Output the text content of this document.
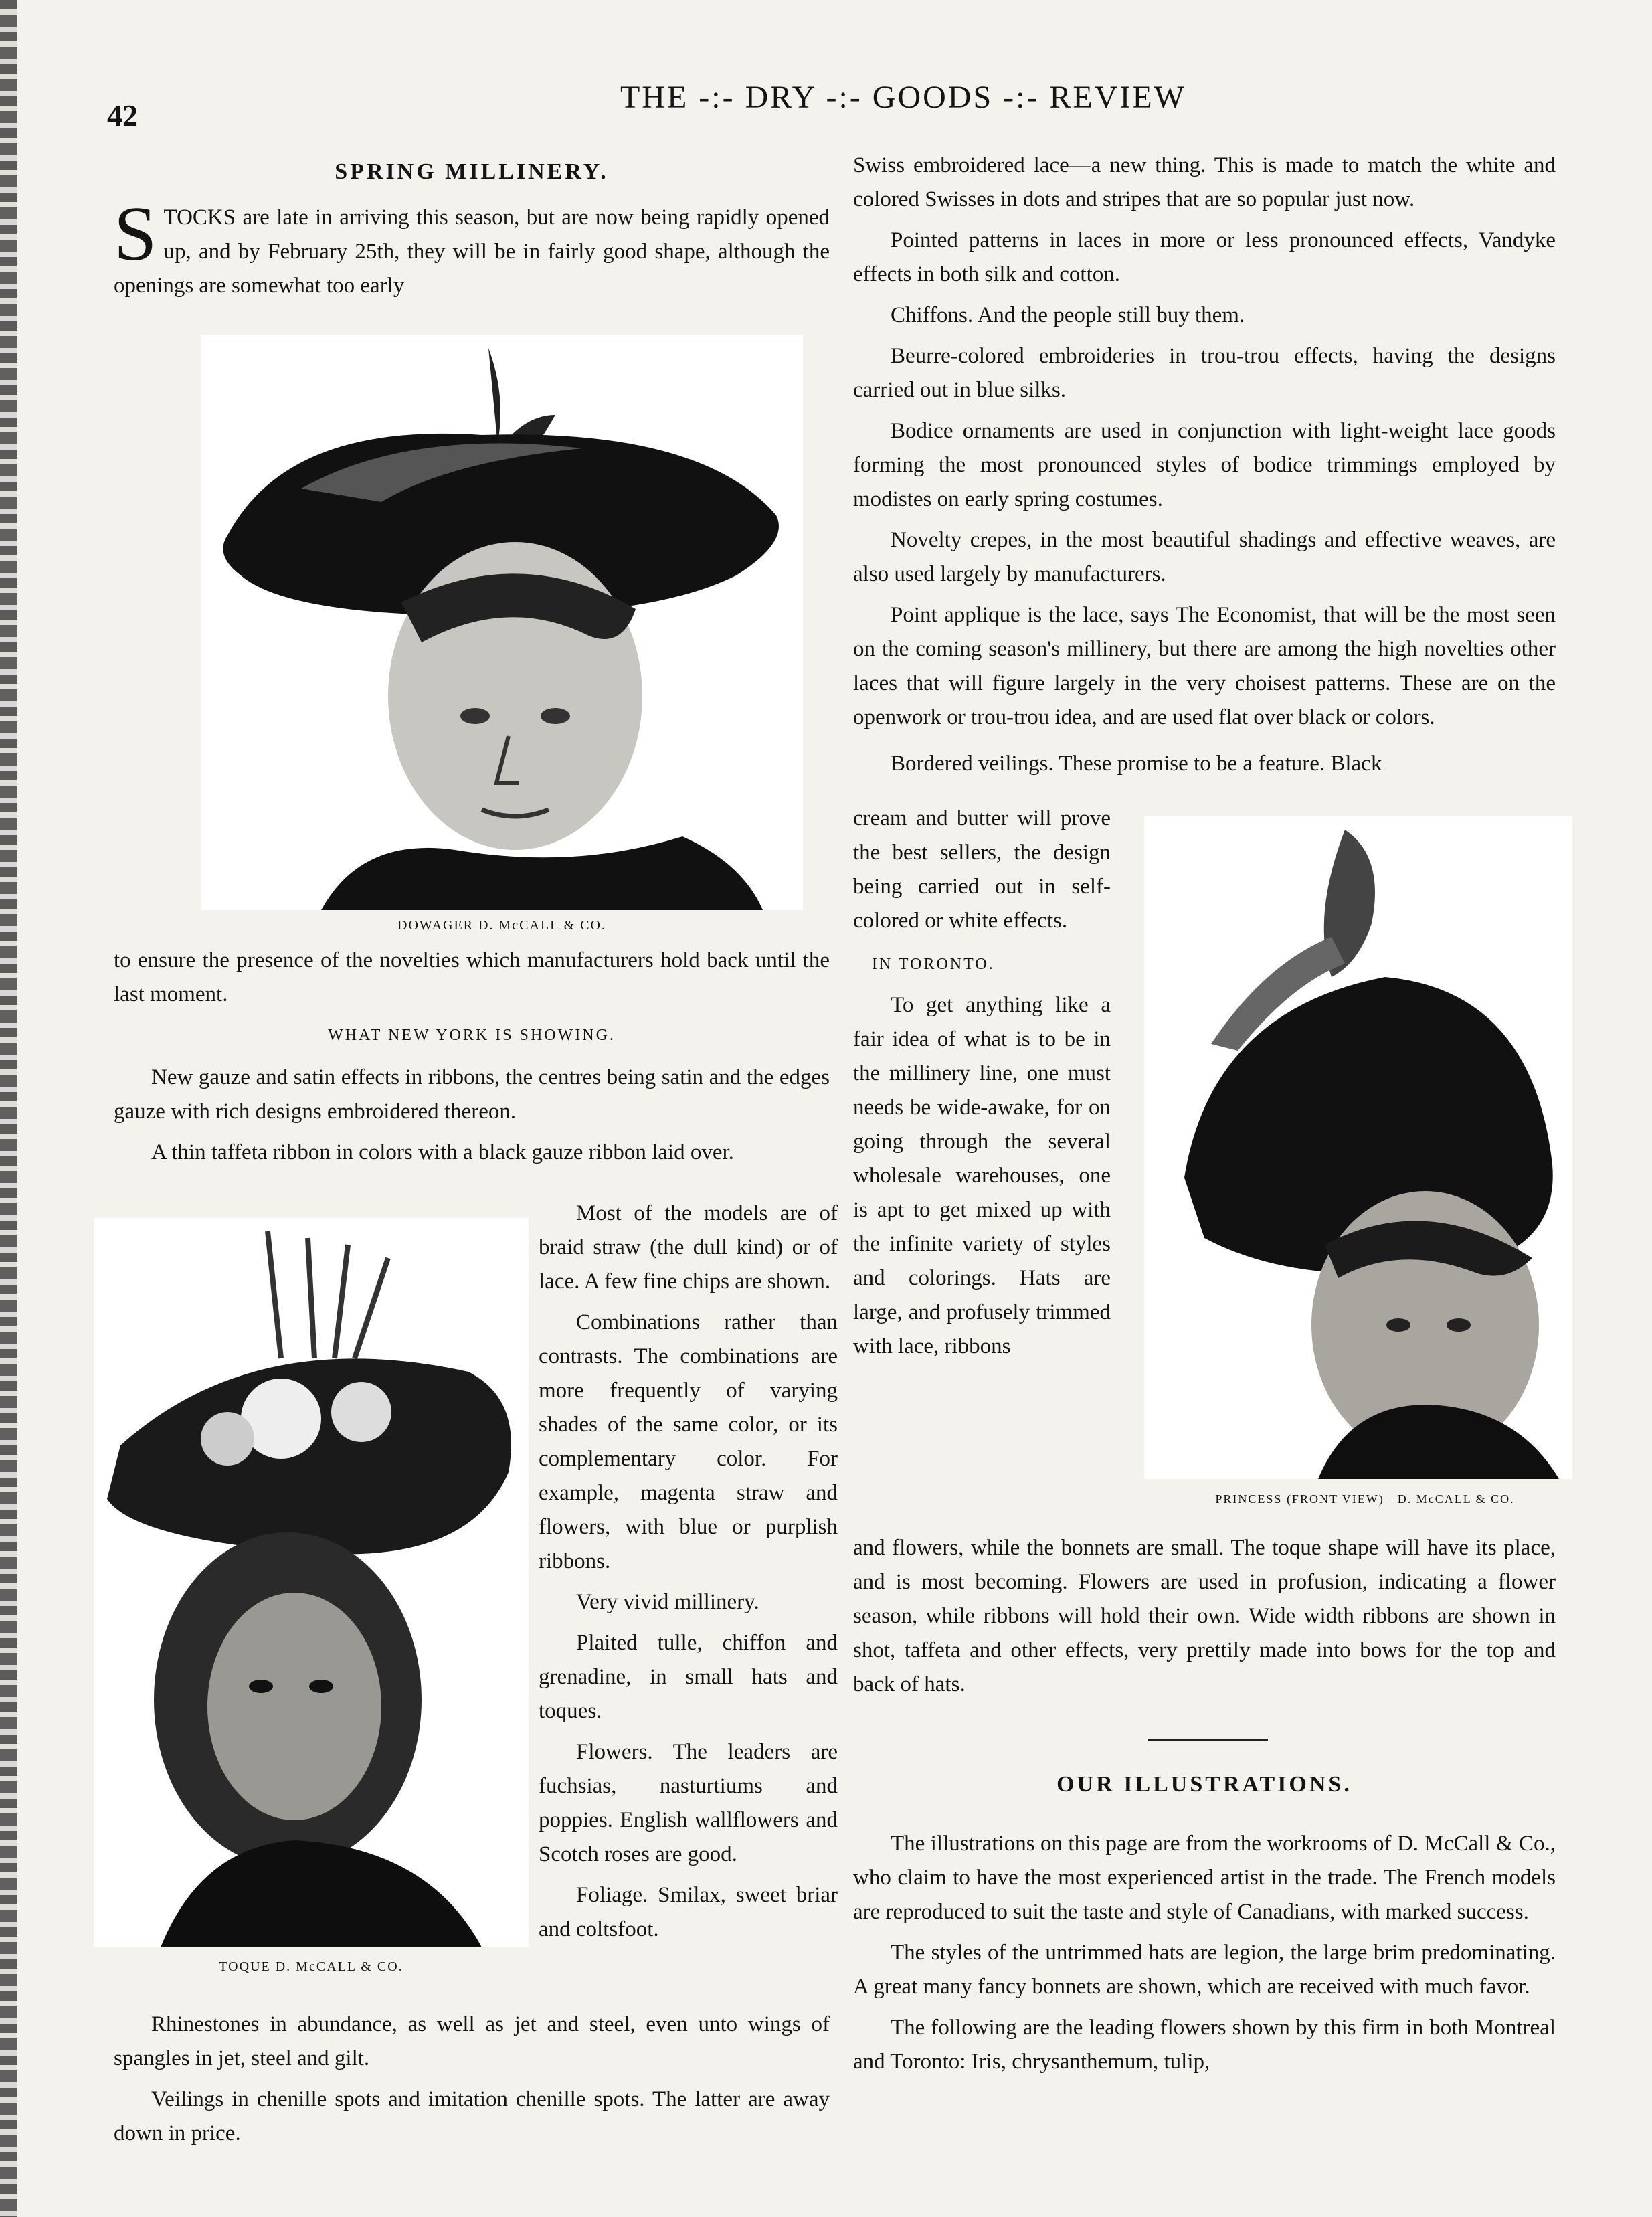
42
THE -:- DRY -:- GOODS -:- REVIEW
SPRING MILLINERY.
STOCKS are late in arriving this season, but are now being rapidly opened up, and by February 25th, they will be in fairly good shape, although the openings are somewhat too early
DOWAGER D. McCALL & CO.

to ensure the presence of the novelties which manufacturers hold back until the last moment.

WHAT NEW YORK IS SHOWING.

New gauze and satin effects in ribbons, the centres being satin and the edges gauze with rich designs embroidered thereon.

A thin taffeta ribbon in colors with a black gauze ribbon laid over.

TOQUE D. McCALL & CO.

Most of the models are of braid straw (the dull kind) or of lace. A few fine chips are shown.

Combinations rather than contrasts. The combinations are more frequently of varying shades of the same color, or its complementary color. For example, magenta straw and flowers, with blue or purplish ribbons.

Very vivid millinery.

Plaited tulle, chiffon and grenadine, in small hats and toques.

Flowers. The leaders are fuchsias, nasturtiums and poppies. English wallflowers and Scotch roses are good.

Foliage. Smilax, sweet briar and coltsfoot.

Rhinestones in abundance, as well as jet and steel, even unto wings of spangles in jet, steel and gilt.

Veilings in chenille spots and imitation chenille spots. The latter are away down in price.

Swiss embroidered lace—a new thing. This is made to match the white and colored Swisses in dots and stripes that are so popular just now.

Pointed patterns in laces in more or less pronounced effects, Vandyke effects in both silk and cotton.

Chiffons. And the people still buy them.

Beurre-colored embroideries in trou-trou effects, having the designs carried out in blue silks.

Bodice ornaments are used in conjunction with light-weight lace goods forming the most pronounced styles of bodice trimmings employed by modistes on early spring costumes.

Novelty crepes, in the most beautiful shadings and effective weaves, are also used largely by manufacturers.

Point applique is the lace, says The Economist, that will be the most seen on the coming season's millinery, but there are among the high novelties other laces that will figure largely in the very choisest patterns. These are on the openwork or trou-trou idea, and are used flat over black or colors.

Bordered veilings. These promise to be a feature. Black

cream and butter will prove the best sellers, the design being carried out in self-colored or white effects.

IN TORONTO.

To get anything like a fair idea of what is to be in the millinery line, one must needs be wide-awake, for on going through the several wholesale warehouses, one is apt to get mixed up with the infinite variety of styles and colorings. Hats are large, and profusely trimmed with lace, ribbons

PRINCESS (FRONT VIEW)—D. McCALL & CO.

and flowers, while the bonnets are small. The toque shape will have its place, and is most becoming. Flowers are used in profusion, indicating a flower season, while ribbons will hold their own. Wide width ribbons are shown in shot, taffeta and other effects, very prettily made into bows for the top and back of hats.

OUR ILLUSTRATIONS.

The illustrations on this page are from the workrooms of D. McCall & Co., who claim to have the most experienced artist in the trade. The French models are reproduced to suit the taste and style of Canadians, with marked success.

The styles of the untrimmed hats are legion, the large brim predominating. A great many fancy bonnets are shown, which are received with much favor.

The following are the leading flowers shown by this firm in both Montreal and Toronto: Iris, chrysanthemum, tulip,
